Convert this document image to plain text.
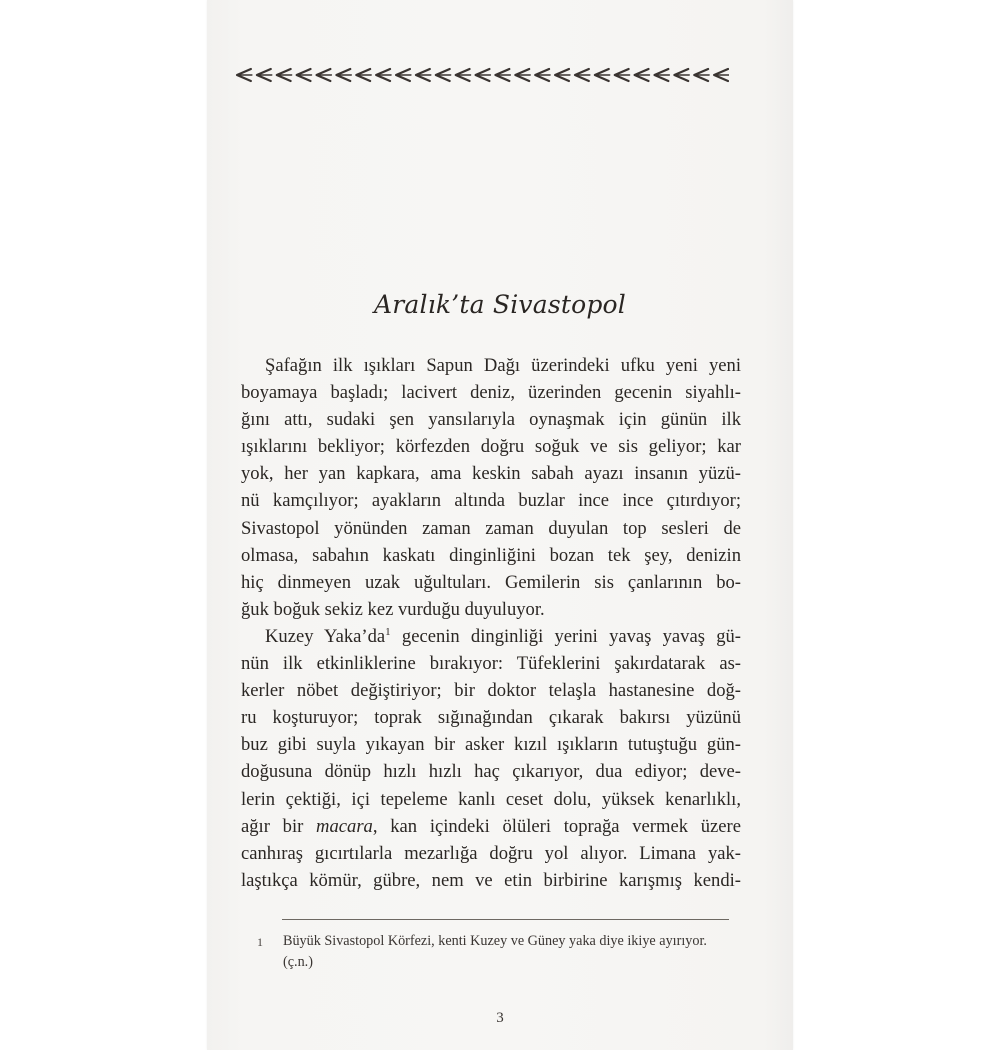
Aralık’ta Sivastopol
Şafağın ilk ışıkları Sapun Dağı üzerindeki ufku yeni yeni
boyamaya başladı; lacivert deniz, üzerinden gecenin siyahlı-
ğını attı, sudaki şen yansılarıyla oynaşmak için günün ilk
ışıklarını bekliyor; körfezden doğru soğuk ve sis geliyor; kar
yok, her yan kapkara, ama keskin sabah ayazı insanın yüzü-
nü kamçılıyor; ayakların altında buzlar ince ince çıtırdıyor;
Sivastopol yönünden zaman zaman duyulan top sesleri de
olmasa, sabahın kaskatı dinginliğini bozan tek şey, denizin
hiç dinmeyen uzak uğultuları. Gemilerin sis çanlarının bo-
ğuk boğuk sekiz kez vurduğu duyuluyor.
Kuzey Yaka’da$^1$ gecenin dinginliği yerini yavaş yavaş gü-
nün ilk etkinliklerine bırakıyor: Tüfeklerini şakırdatarak as-
kerler nöbet değiştiriyor; bir doktor telaşla hastanesine doğ-
ru koşturuyor; toprak sığınağından çıkarak bakırsı yüzünü
buz gibi suyla yıkayan bir asker kızıl ışıkların tutuştuğu gün-
doğusuna dönüp hızlı hızlı haç çıkarıyor, dua ediyor; deve-
lerin çektiği, içi tepeleme kanlı ceset dolu, yüksek kenarlıklı,
ağır bir macara, kan içindeki ölüleri toprağa vermek üzere
canhıraş gıcırtılarla mezarlığa doğru yol alıyor. Limana yak-
laştıkça kömür, gübre, nem ve etin birbirine karışmış kendi-
1 Büyük Sivastopol Körfezi, kenti Kuzey ve Güney yaka diye ikiye ayırıyor. (ç.n.)
3
